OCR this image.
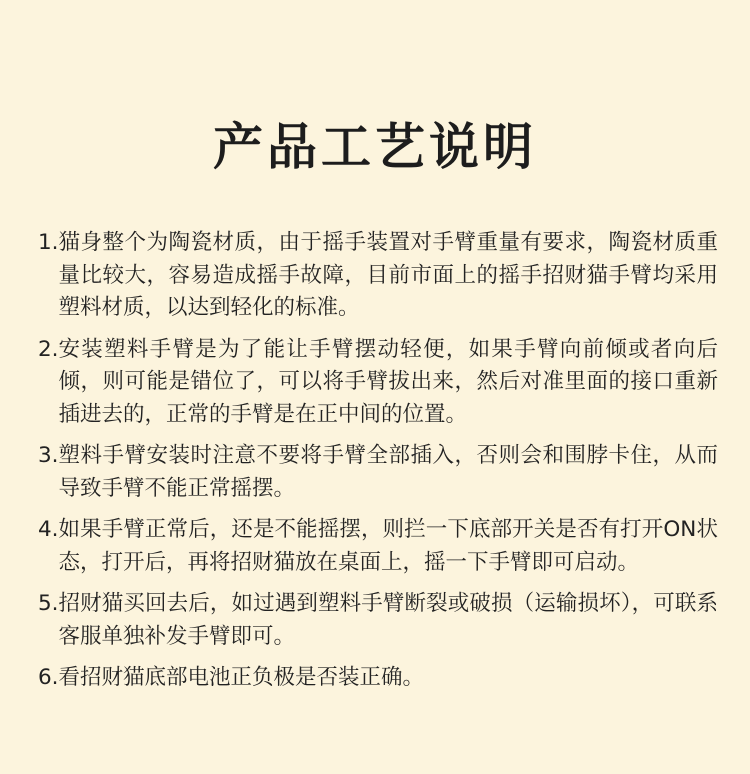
产品工艺说明
1. 猫身整个为陶瓷材质，由于摇手装置对手臂重量有要求，陶瓷材质重量比较大，容易造成摇手故障，目前市面上的摇手招财猫手臂均采用塑料材质，以达到轻化的标准。
2. 安装塑料手臂是为了能让手臂摆动轻便，如果手臂向前倾或者向后倾，则可能是错位了，可以将手臂拔出来，然后对准里面的接口重新插进去的，正常的手臂是在正中间的位置。
3. 塑料手臂安装时注意不要将手臂全部插入，否则会和围脖卡住，从而导致手臂不能正常摇摆。
4. 如果手臂正常后，还是不能摇摆，则拦一下底部开关是否有打开ON状态，打开后，再将招财猫放在桌面上，摇一下手臂即可启动。
5. 招财猫买回去后，如过遇到塑料手臂断裂或破损（运输损坏），可联系客服单独补发手臂即可。
6. 看招财猫底部电池正负极是否装正确。
